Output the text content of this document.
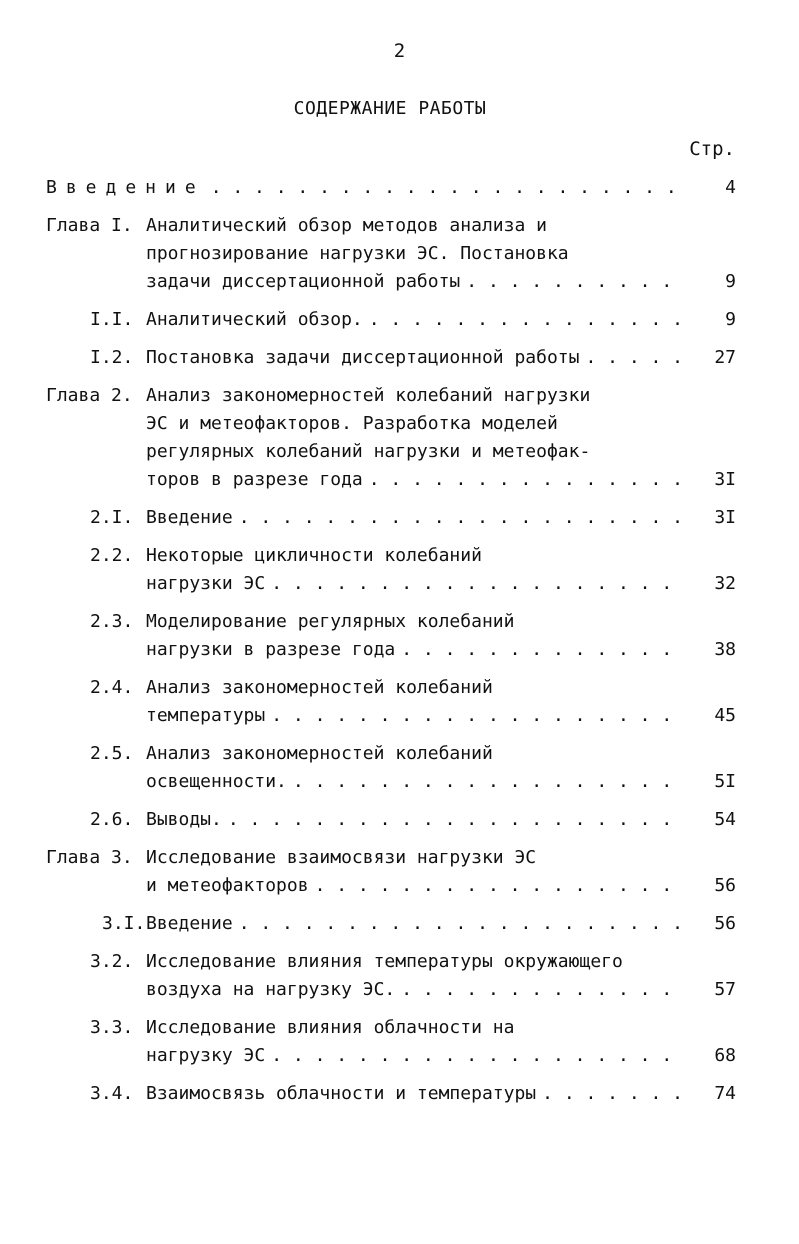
2
СОДЕРЖАНИЕ РАБОТЫ
Стр.
Введение . . .	4
Глава I. Аналитический обзор методов анализа и
прогнозирование нагрузки ЭС. Постановка
задачи диссертационной работы . . .	9
I.I. Аналитический обзор. . . .	9
I.2. Постановка задачи диссертационной работы . . .	27
Глава 2. Анализ закономерностей колебаний нагрузки
ЭС и метеофакторов. Разработка моделей
регулярных колебаний нагрузки и метеофак-
торов в разрезе года . . .	3I
2.I. Введение . . .	3I
2.2. Некоторые цикличности колебаний
нагрузки ЭС . . .	32
2.3. Моделирование регулярных колебаний
нагрузки в разрезе года . . .	38
2.4. Анализ закономерностей колебаний
температуры . . .	45
2.5. Анализ закономерностей колебаний
освещенности. . . .	5I
2.6. Выводы. . . .	54
Глава 3. Исследование взаимосвязи нагрузки ЭС
и метеофакторов . . .	56
3.I. Введение . . .	56
3.2. Исследование влияния температуры окружающего
воздуха на нагрузку ЭС. . . .	57
3.3. Исследование влияния облачности на
нагрузку ЭС . . .	68
3.4. Взаимосвязь облачности и температуры . . .	74
